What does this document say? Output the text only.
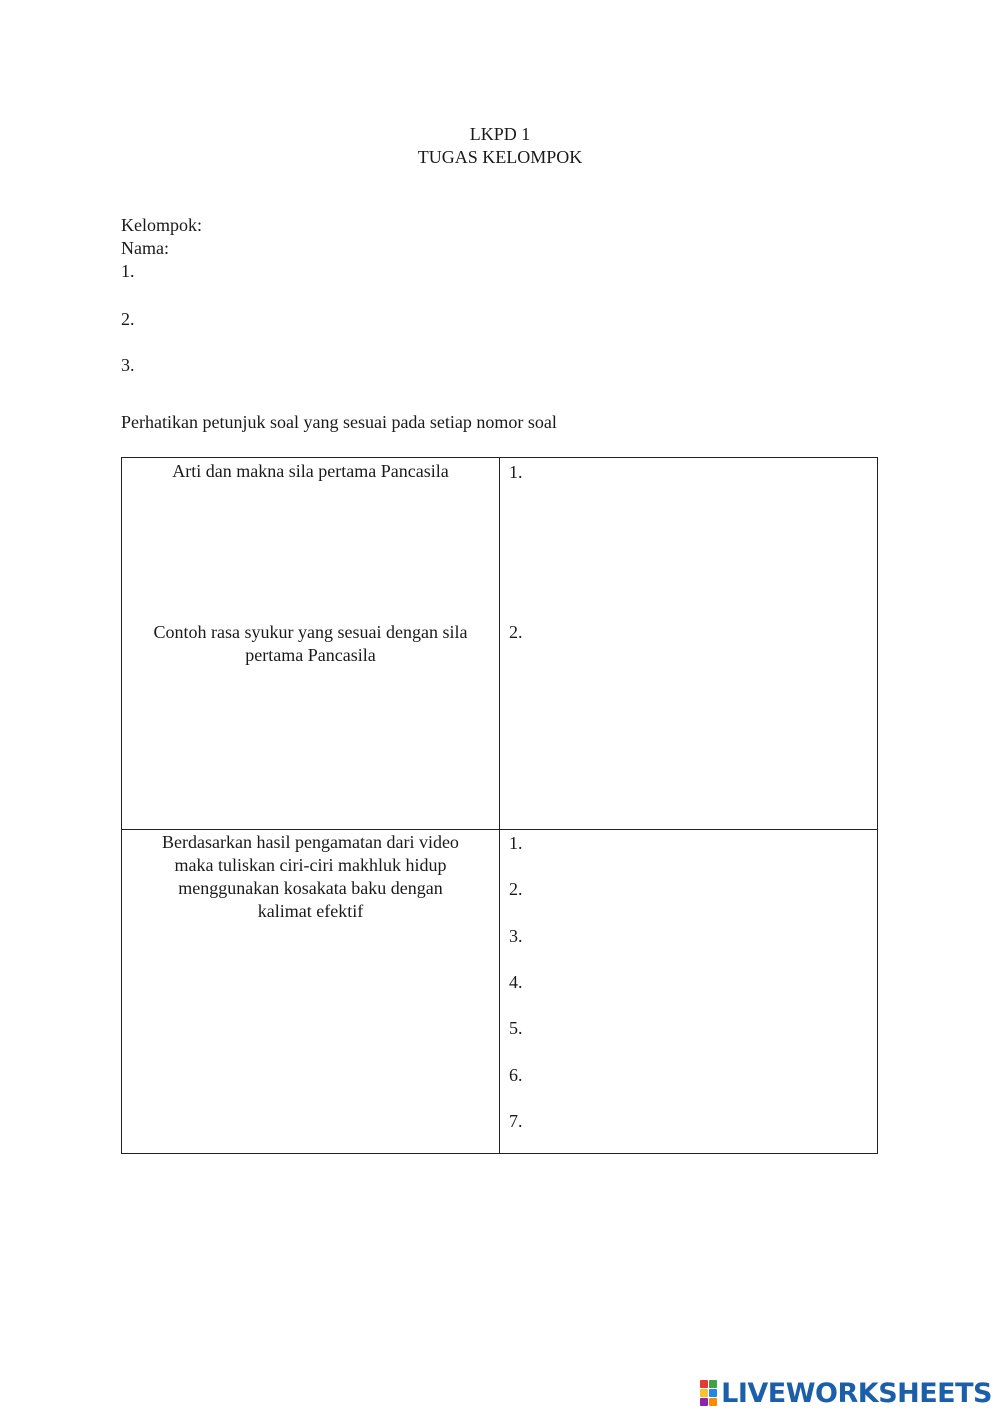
LKPD 1
TUGAS KELOMPOK
Kelompok:
Nama:
1.
2.
3.
Perhatikan petunjuk soal yang sesuai pada setiap nomor soal
Arti dan makna sila pertama Pancasila
Contoh rasa syukur yang sesuai dengan sila
pertama Pancasila
1.
2.
Berdasarkan hasil pengamatan dari video
maka tuliskan ciri-ciri makhluk hidup
menggunakan kosakata baku dengan
kalimat efektif
1.
2.
3.
4.
5.
6.
7.
LIVEWORKSHEETS
